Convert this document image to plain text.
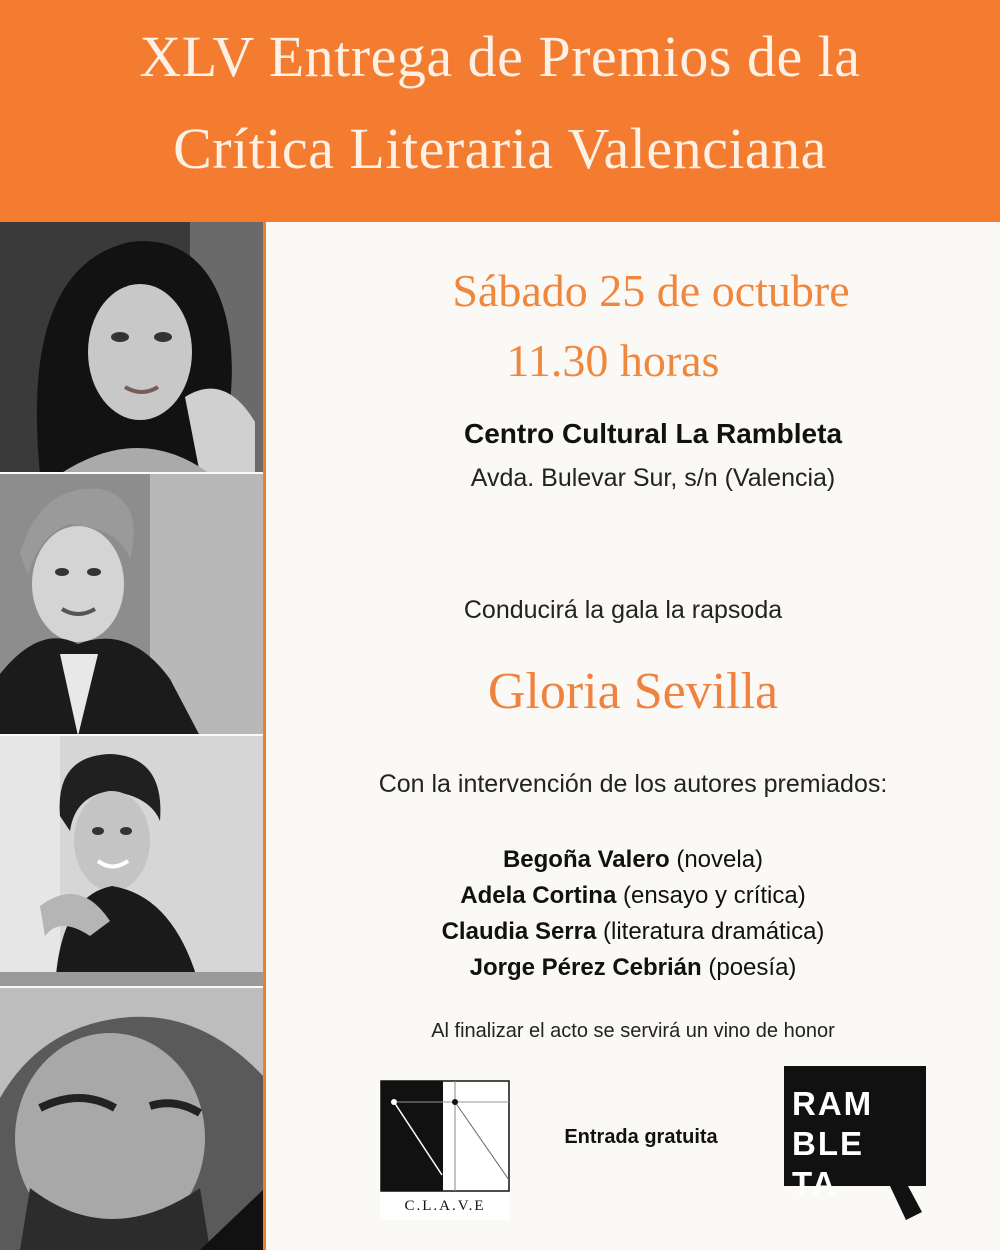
XLV Entrega de Premios de la
Crítica Literaria Valenciana
Sábado 25 de octubre
11.30 horas
Centro Cultural La Rambleta
Avda. Bulevar Sur, s/n (Valencia)
Conducirá la gala la rapsoda
Gloria Sevilla
Con la intervención de los autores premiados:
Begoña Valero (novela)
Adela Cortina (ensayo y crítica)
Claudia Serra (literatura dramática)
Jorge Pérez Cebrián (poesía)
Al finalizar el acto se servirá un vino de honor
C.L.A.V.E
Entrada gratuita
RAM
BLE
TA
